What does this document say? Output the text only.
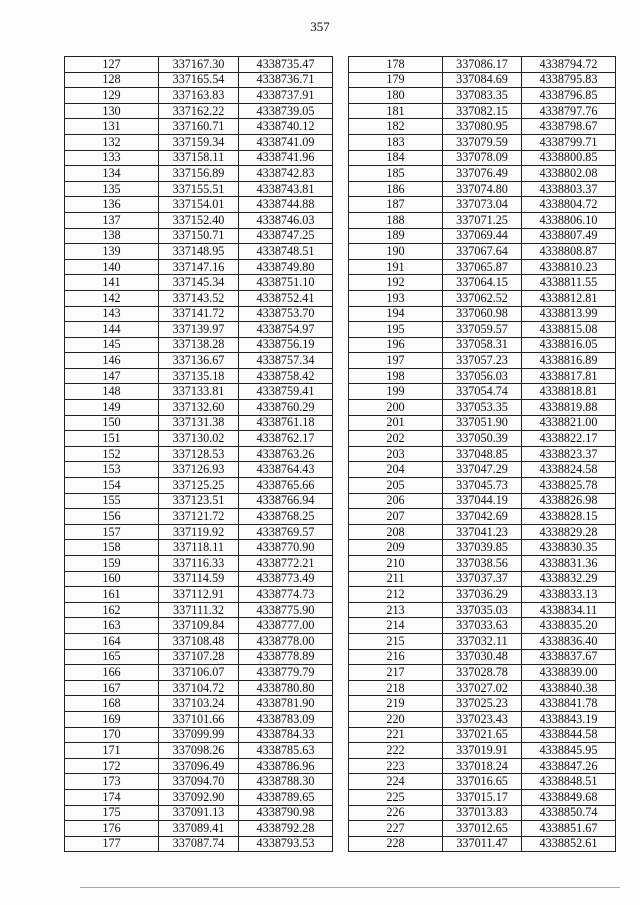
357
127	337167.30	4338735.47
128	337165.54	4338736.71
129	337163.83	4338737.91
130	337162.22	4338739.05
131	337160.71	4338740.12
132	337159.34	4338741.09
133	337158.11	4338741.96
134	337156.89	4338742.83
135	337155.51	4338743.81
136	337154.01	4338744.88
137	337152.40	4338746.03
138	337150.71	4338747.25
139	337148.95	4338748.51
140	337147.16	4338749.80
141	337145.34	4338751.10
142	337143.52	4338752.41
143	337141.72	4338753.70
144	337139.97	4338754.97
145	337138.28	4338756.19
146	337136.67	4338757.34
147	337135.18	4338758.42
148	337133.81	4338759.41
149	337132.60	4338760.29
150	337131.38	4338761.18
151	337130.02	4338762.17
152	337128.53	4338763.26
153	337126.93	4338764.43
154	337125.25	4338765.66
155	337123.51	4338766.94
156	337121.72	4338768.25
157	337119.92	4338769.57
158	337118.11	4338770.90
159	337116.33	4338772.21
160	337114.59	4338773.49
161	337112.91	4338774.73
162	337111.32	4338775.90
163	337109.84	4338777.00
164	337108.48	4338778.00
165	337107.28	4338778.89
166	337106.07	4338779.79
167	337104.72	4338780.80
168	337103.24	4338781.90
169	337101.66	4338783.09
170	337099.99	4338784.33
171	337098.26	4338785.63
172	337096.49	4338786.96
173	337094.70	4338788.30
174	337092.90	4338789.65
175	337091.13	4338790.98
176	337089.41	4338792.28
177	337087.74	4338793.53
178	337086.17	4338794.72
179	337084.69	4338795.83
180	337083.35	4338796.85
181	337082.15	4338797.76
182	337080.95	4338798.67
183	337079.59	4338799.71
184	337078.09	4338800.85
185	337076.49	4338802.08
186	337074.80	4338803.37
187	337073.04	4338804.72
188	337071.25	4338806.10
189	337069.44	4338807.49
190	337067.64	4338808.87
191	337065.87	4338810.23
192	337064.15	4338811.55
193	337062.52	4338812.81
194	337060.98	4338813.99
195	337059.57	4338815.08
196	337058.31	4338816.05
197	337057.23	4338816.89
198	337056.03	4338817.81
199	337054.74	4338818.81
200	337053.35	4338819.88
201	337051.90	4338821.00
202	337050.39	4338822.17
203	337048.85	4338823.37
204	337047.29	4338824.58
205	337045.73	4338825.78
206	337044.19	4338826.98
207	337042.69	4338828.15
208	337041.23	4338829.28
209	337039.85	4338830.35
210	337038.56	4338831.36
211	337037.37	4338832.29
212	337036.29	4338833.13
213	337035.03	4338834.11
214	337033.63	4338835.20
215	337032.11	4338836.40
216	337030.48	4338837.67
217	337028.78	4338839.00
218	337027.02	4338840.38
219	337025.23	4338841.78
220	337023.43	4338843.19
221	337021.65	4338844.58
222	337019.91	4338845.95
223	337018.24	4338847.26
224	337016.65	4338848.51
225	337015.17	4338849.68
226	337013.83	4338850.74
227	337012.65	4338851.67
228	337011.47	4338852.61
